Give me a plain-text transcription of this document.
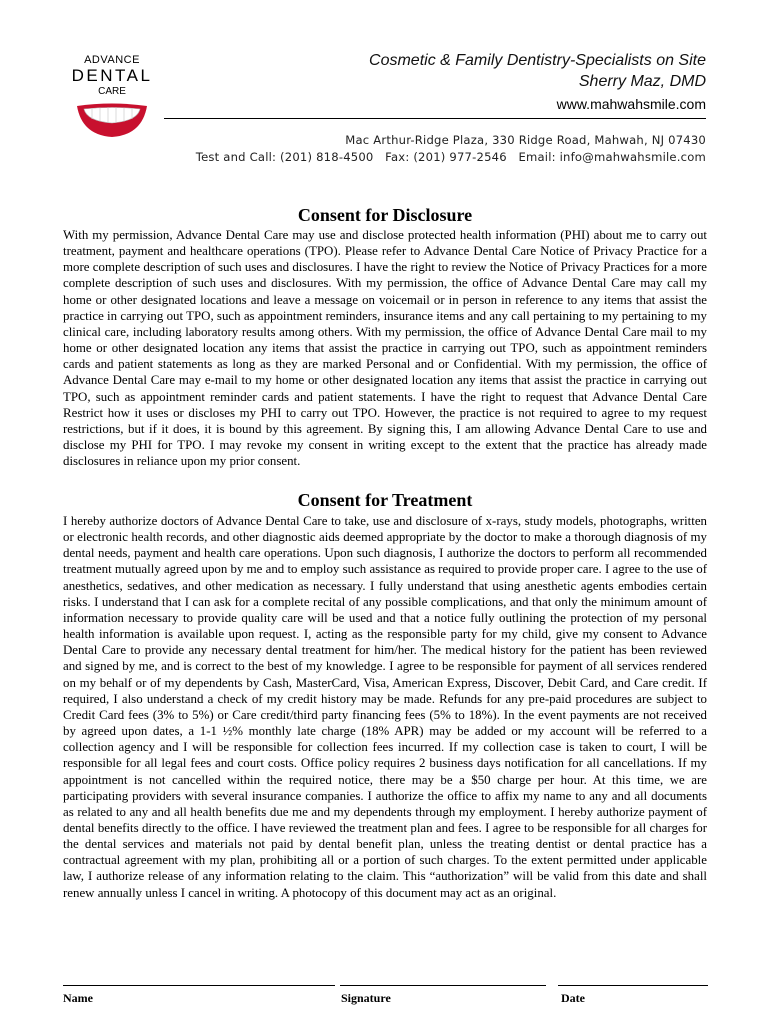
ADVANCE
DENTAL
CARE
Cosmetic & Family Dentistry-Specialists on Site
Sherry Maz, DMD
www.mahwahsmile.com
Mac Arthur-Ridge Plaza, 330 Ridge Road, Mahwah, NJ 07430
Test and Call: (201) 818-4500   Fax: (201) 977-2546   Email: info@mahwahsmile.com
Consent for Disclosure

With my permission, Advance Dental Care may use and disclose protected health information (PHI) about me to carry out treatment, payment and healthcare operations (TPO). Please refer to Advance Dental Care Notice of Privacy Practice for a more complete description of such uses and disclosures. I have the right to review the Notice of Privacy Practices for a more complete description of such uses and disclosures. With my permission, the office of Advance Dental Care may call my home or other designated locations and leave a message on voicemail or in person in reference to any items that assist the practice in carrying out TPO, such as appointment reminders, insurance items and any call pertaining to my pertaining to my clinical care, including laboratory results among others. With my permission, the office of Advance Dental Care mail to my home or other designated location any items that assist the practice in carrying out TPO, such as appointment reminders cards and patient statements as long as they are marked Personal and or Confidential. With my permission, the office of Advance Dental Care may e-mail to my home or other designated location any items that assist the practice in carrying out TPO, such as appointment reminder cards and patient statements. I have the right to request that Advance Dental Care Restrict how it uses or discloses my PHI to carry out TPO. However, the practice is not required to agree to my request restrictions, but if it does, it is bound by this agreement. By signing this, I am allowing Advance Dental Care to use and disclose my PHI for TPO. I may revoke my consent in writing except to the extent that the practice has already made disclosures in reliance upon my prior consent.

Consent for Treatment

I hereby authorize doctors of Advance Dental Care to take, use and disclosure of x-rays, study models, photographs, written or electronic health records, and other diagnostic aids deemed appropriate by the doctor to make a thorough diagnosis of my dental needs, payment and health care operations. Upon such diagnosis, I authorize the doctors to perform all recommended treatment mutually agreed upon by me and to employ such assistance as required to provide proper care. I agree to the use of anesthetics, sedatives, and other medication as necessary. I fully understand that using anesthetic agents embodies certain risks. I understand that I can ask for a complete recital of any possible complications, and that only the minimum amount of information necessary to provide quality care will be used and that a notice fully outlining the protection of my personal health information is available upon request. I, acting as the responsible party for my child, give my consent to Advance Dental Care to provide any necessary dental treatment for him/her. The medical history for the patient has been reviewed and signed by me, and is correct to the best of my knowledge. I agree to be responsible for payment of all services rendered on my behalf or of my dependents by Cash, MasterCard, Visa, American Express, Discover, Debit Card, and Care credit. If required, I also understand a check of my credit history may be made. Refunds for any pre-paid procedures are subject to Credit Card fees (3% to 5%) or Care credit/third party financing fees (5% to 18%). In the event payments are not received by agreed upon dates, a 1-1 ½% monthly late charge (18% APR) may be added or my account will be referred to a collection agency and I will be responsible for collection fees incurred. If my collection case is taken to court, I will be responsible for all legal fees and court costs. Office policy requires 2 business days notification for all cancellations. If my appointment is not cancelled within the required notice, there may be a $50 charge per hour. At this time, we are participating providers with several insurance companies. I authorize the office to affix my name to any and all documents as related to any and all health benefits due me and my dependents through my employment. I hereby authorize payment of dental benefits directly to the office. I have reviewed the treatment plan and fees. I agree to be responsible for all charges for the dental services and materials not paid by dental benefit plan, unless the treating dentist or dental practice has a contractual agreement with my plan, prohibiting all or a portion of such charges. To the extent permitted under applicable law, I authorize release of any information relating to the claim. This “authorization” will be valid from this date and shall renew annually unless I cancel in writing. A photocopy of this document may act as an original.

Name	Signature	Date
